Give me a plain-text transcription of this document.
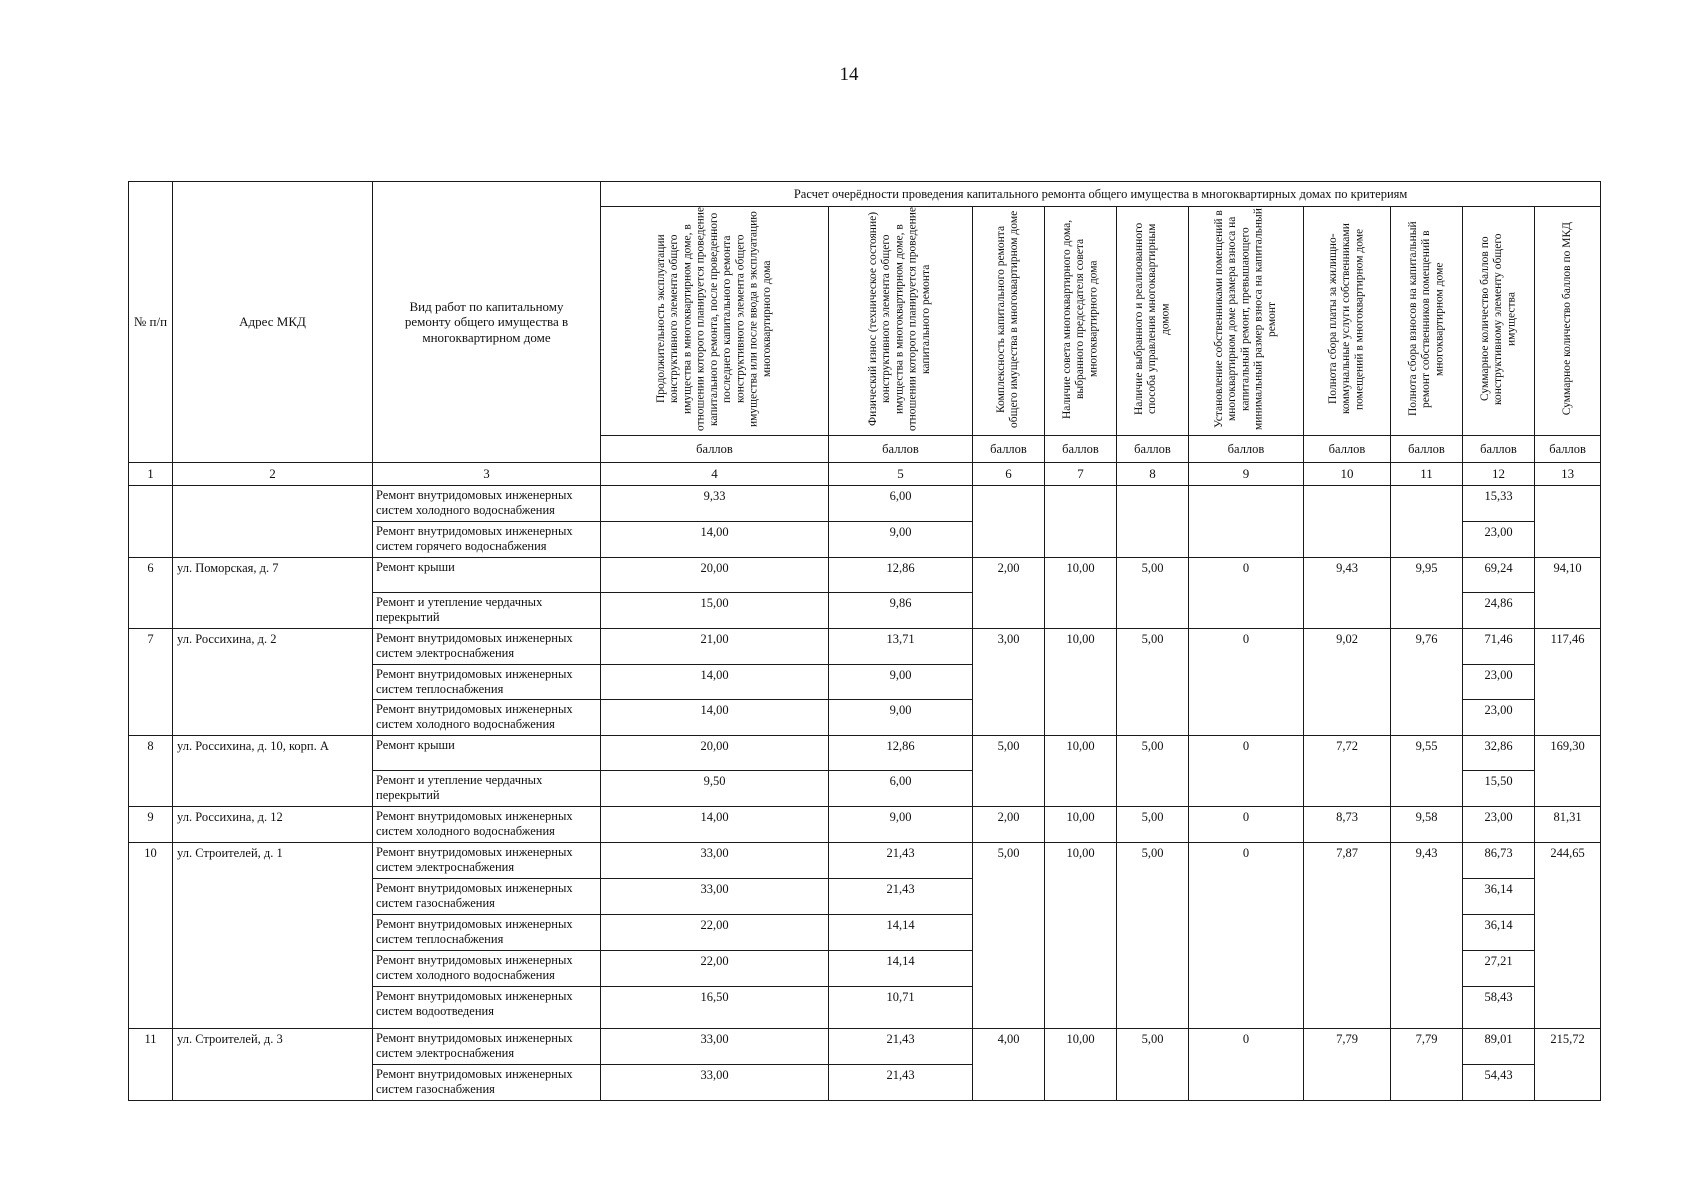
14
№ п/п	Адрес МКД	Вид работ по капитальному ремонту общего имущества в многоквартирном доме	Расчет очерёдности проведения капитального ремонта общего имущества в многоквартирных домах по критериям									
			Продолжительность эксплуатации конструктивного элемента общего имущества в многоквартирном доме, в отношении которого планируется проведение капитального ремонта, после проведенного последнего капитального ремонта конструктивного элемента общего имущества или после ввода в эксплуатацию многоквартирного дома	Физический износ (техническое состояние) конструктивного элемента общего имущества в многоквартирном доме, в отношении которого планируется проведение капитального ремонта	Комплексность капитального ремонта общего имущества в многоквартирном доме	Наличие совета многоквартирного дома, выбранного председателя совета многоквартирного дома	Наличие выбранного и реализованного способа управления многоквартирным домом	Установление собственниками помещений в многоквартирном доме размера взноса на капитальный ремонт, превышающего минимальный размер взноса на капитальный ремонт	Полнота сбора платы за жилищно-коммунальные услуги собственниками помещений в многоквартирном доме	Полнота сбора взносов на капитальный ремонт собственников помещений в многоквартирном доме	Суммарное количество баллов по конструктивному элементу общего имущества	Суммарное количество баллов по МКД
			баллов	баллов	баллов	баллов	баллов	баллов	баллов	баллов	баллов	баллов
1	2	3	4	5	6	7	8	9	10	11	12	13
		Ремонт внутридомовых инженерных систем холодного водоснабжения	9,33	6,00							15,33	
		Ремонт внутридомовых инженерных систем горячего водоснабжения	14,00	9,00							23,00	
6	ул. Поморская, д. 7	Ремонт крыши	20,00	12,86	2,00	10,00	5,00	0	9,43	9,95	69,24	94,10
		Ремонт и утепление чердачных перекрытий	15,00	9,86							24,86	
7	ул. Россихина, д. 2	Ремонт внутридомовых инженерных систем электроснабжения	21,00	13,71	3,00	10,00	5,00	0	9,02	9,76	71,46	117,46
		Ремонт внутридомовых инженерных систем теплоснабжения	14,00	9,00							23,00	
		Ремонт внутридомовых инженерных систем холодного водоснабжения	14,00	9,00							23,00	
8	ул. Россихина, д. 10, корп. А	Ремонт крыши	20,00	12,86	5,00	10,00	5,00	0	7,72	9,55	32,86	169,30
		Ремонт и утепление чердачных перекрытий	9,50	6,00							15,50	
9	ул. Россихина, д. 12	Ремонт внутридомовых инженерных систем холодного водоснабжения	14,00	9,00	2,00	10,00	5,00	0	8,73	9,58	23,00	81,31
10	ул. Строителей, д. 1	Ремонт внутридомовых инженерных систем электроснабжения	33,00	21,43	5,00	10,00	5,00	0	7,87	9,43	86,73	244,65
		Ремонт внутридомовых инженерных систем газоснабжения	33,00	21,43							36,14	
		Ремонт внутридомовых инженерных систем теплоснабжения	22,00	14,14							36,14	
		Ремонт внутридомовых инженерных систем холодного водоснабжения	22,00	14,14							27,21	
		Ремонт внутридомовых инженерных систем водоотведения	16,50	10,71							58,43	
11	ул. Строителей, д. 3	Ремонт внутридомовых инженерных систем электроснабжения	33,00	21,43	4,00	10,00	5,00	0	7,79	7,79	89,01	215,72
		Ремонт внутридомовых инженерных систем газоснабжения	33,00	21,43							54,43	
